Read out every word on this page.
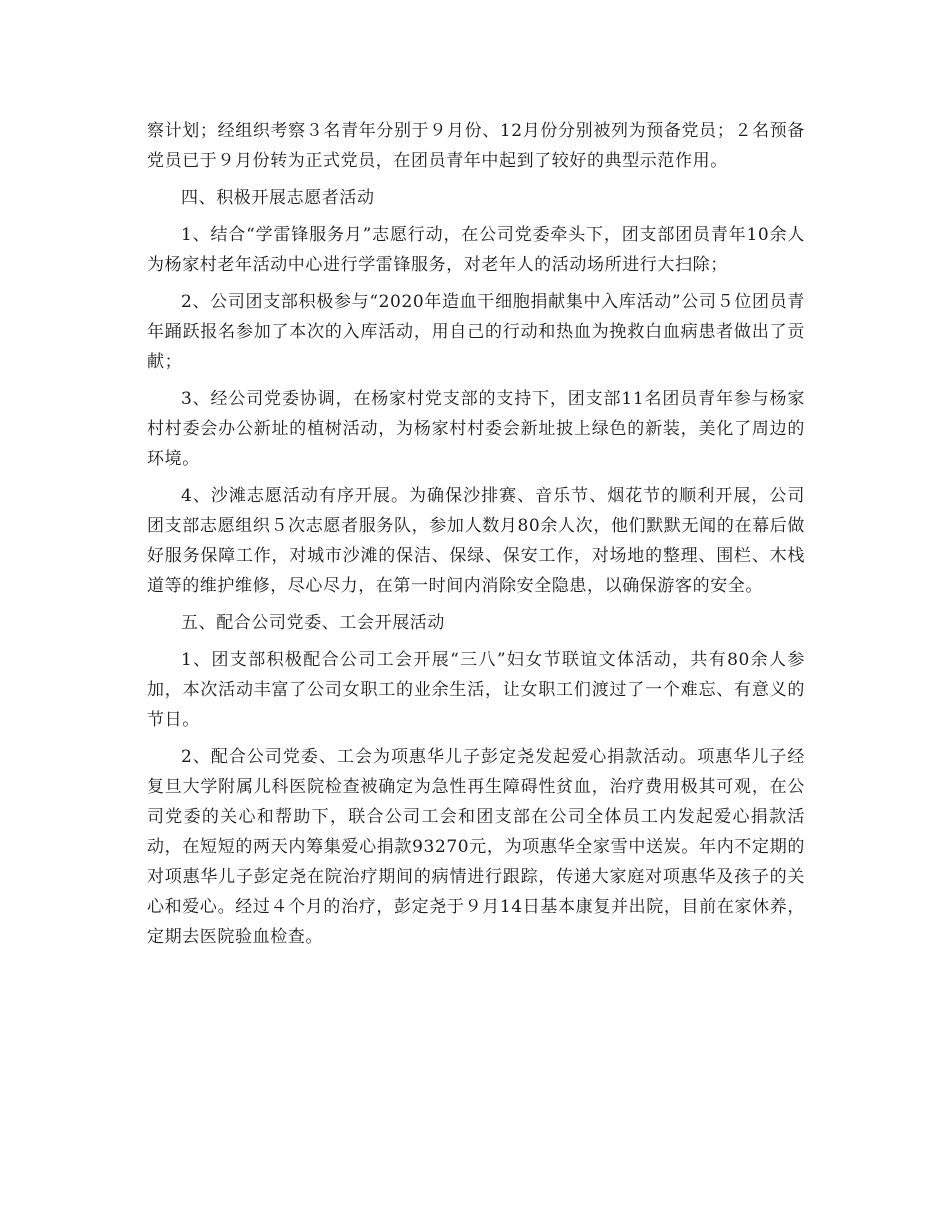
察计划；经组织考察３名青年分别于９月份、12月份分别被列为预备党员；２名预备党员已于９月份转为正式党员，在团员青年中起到了较好的典型示范作用。

四、积极开展志愿者活动

1、结合“学雷锋服务月”志愿行动，在公司党委牵头下，团支部团员青年10余人为杨家村老年活动中心进行学雷锋服务，对老年人的活动场所进行大扫除；

2、公司团支部积极参与“2020年造血干细胞捐献集中入库活动”公司５位团员青年踊跃报名参加了本次的入库活动，用自己的行动和热血为挽救白血病患者做出了贡献；

3、经公司党委协调，在杨家村党支部的支持下，团支部11名团员青年参与杨家村村委会办公新址的植树活动，为杨家村村委会新址披上绿色的新装，美化了周边的环境。

4、沙滩志愿活动有序开展。为确保沙排赛、音乐节、烟花节的顺利开展，公司团支部志愿组织５次志愿者服务队，参加人数月80余人次，他们默默无闻的在幕后做好服务保障工作，对城市沙滩的保洁、保绿、保安工作，对场地的整理、围栏、木栈道等的维护维修，尽心尽力，在第一时间内消除安全隐患，以确保游客的安全。

五、配合公司党委、工会开展活动

1、团支部积极配合公司工会开展“三八”妇女节联谊文体活动，共有80余人参加，本次活动丰富了公司女职工的业余生活，让女职工们渡过了一个难忘、有意义的节日。

2、配合公司党委、工会为项惠华儿子彭定尧发起爱心捐款活动。项惠华儿子经复旦大学附属儿科医院检查被确定为急性再生障碍性贫血，治疗费用极其可观，在公司党委的关心和帮助下，联合公司工会和团支部在公司全体员工内发起爱心捐款活动，在短短的两天内筹集爱心捐款93270元，为项惠华全家雪中送炭。年内不定期的对项惠华儿子彭定尧在院治疗期间的病情进行跟踪，传递大家庭对项惠华及孩子的关心和爱心。经过４个月的治疗，彭定尧于９月14日基本康复并出院，目前在家休养，定期去医院验血检查。
